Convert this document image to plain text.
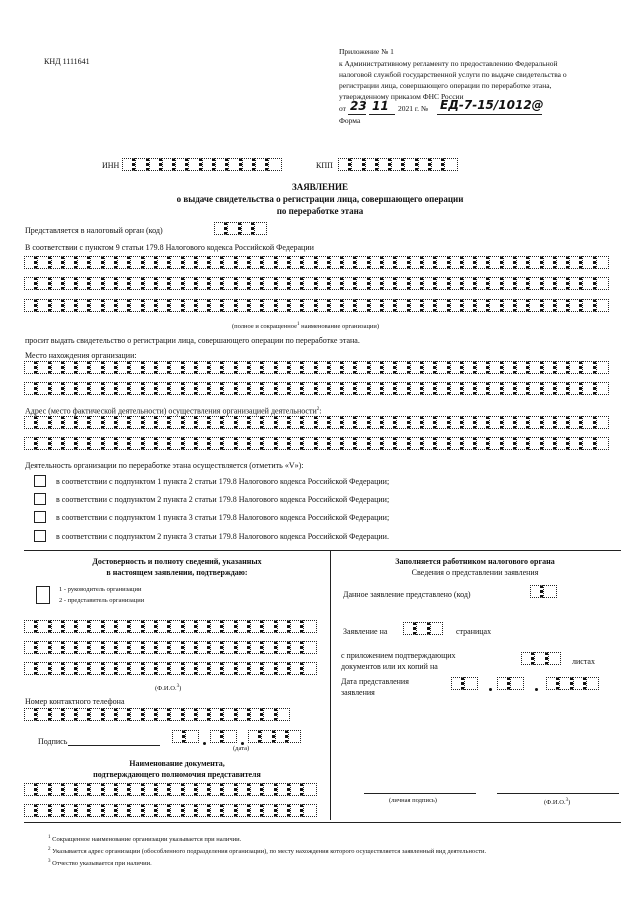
КНД 1111641
Приложение № 1
к Административному регламенту по предоставлению Федеральной
налоговой службой государственной услуги по выдаче свидетельства о
регистрации лица, совершающего операции по переработке этана,
утвержденному приказом ФНС России
от 23 11 2021 г. № ЕД-7-15/1012@
Форма
ИНН	КПП
ЗАЯВЛЕНИЕ
о выдаче свидетельства о регистрации лица, совершающего операции
по переработке этана
Представляется в налоговый орган (код)
В соответствии с пунктом 9 статьи 179.8 Налогового кодекса Российской Федерации
(полное и сокращенное$^1$ наименование организации)
просит выдать свидетельство о регистрации лица, совершающего операции по переработке этана.
Место нахождения организации:
Адрес (место фактической деятельности) осуществления организацией деятельности$^2$:
Деятельность организации по переработке этана осуществляется (отметить «V»):
в соответствии с подпунктом 1 пункта 2 статьи 179.8 Налогового кодекса Российской Федерации;
в соответствии с подпунктом 2 пункта 2 статьи 179.8 Налогового кодекса Российской Федерации;
в соответствии с подпунктом 1 пункта 3 статьи 179.8 Налогового кодекса Российской Федерации;
в соответствии с подпунктом 2 пункта 3 статьи 179.8 Налогового кодекса Российской Федерации.
Достоверность и полноту сведений, указанных
в настоящем заявлении, подтверждаю:
1 - руководитель организации
2 - представитель организации
(Ф.И.О.$^3$)
Номер контактного телефона
Подпись
(дата)
Наименование документа,
подтверждающего полномочия представителя
Заполняется работником налогового органа
Сведения о представлении заявления
Данное заявление представлено (код)
Заявление на	страницах
с приложением подтверждающих
документов или их копий на
листах
Дата представления
заявления
(личная подпись)	(Ф.И.О.$^3$)
$^1$ Сокращенное наименование организации указывается при наличии.
$^2$ Указывается адрес организации (обособленного подразделения организации), по месту нахождения которого осуществляется заявленный вид деятельности.
$^3$ Отчество указывается при наличии.
